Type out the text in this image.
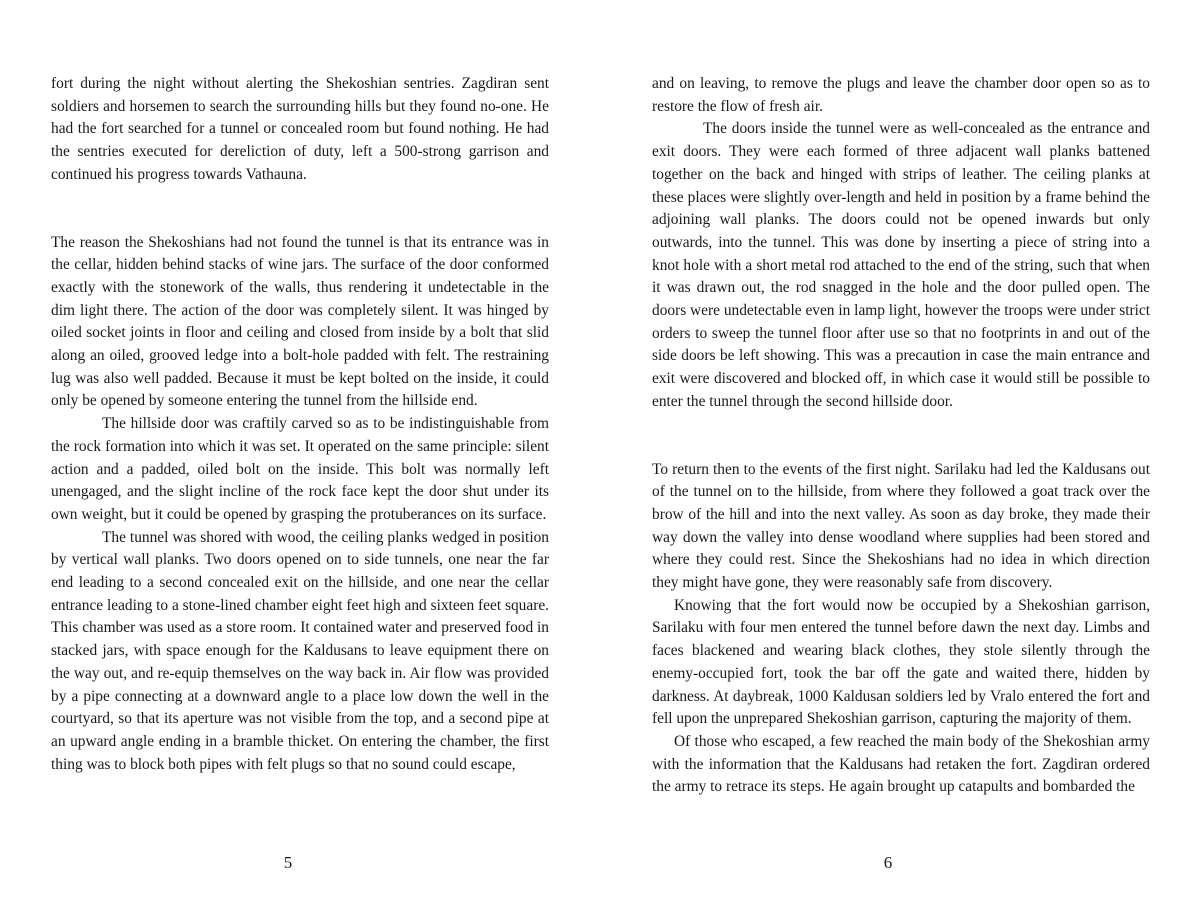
fort during the night without alerting the Shekoshian sentries. Zagdiran sent soldiers and horsemen to search the surrounding hills but they found no-one. He had the fort searched for a tunnel or concealed room but found nothing. He had the sentries executed for dereliction of duty, left a 500-strong garrison and continued his progress towards Vathauna.

The reason the Shekoshians had not found the tunnel is that its entrance was in the cellar, hidden behind stacks of wine jars. The surface of the door conformed exactly with the stonework of the walls, thus rendering it undetectable in the dim light there. The action of the door was completely silent. It was hinged by oiled socket joints in floor and ceiling and closed from inside by a bolt that slid along an oiled, grooved ledge into a bolt-hole padded with felt. The restraining lug was also well padded. Because it must be kept bolted on the inside, it could only be opened by someone entering the tunnel from the hillside end.

The hillside door was craftily carved so as to be indistinguishable from the rock formation into which it was set. It operated on the same principle: silent action and a padded, oiled bolt on the inside. This bolt was normally left unengaged, and the slight incline of the rock face kept the door shut under its own weight, but it could be opened by grasping the protuberances on its surface.

The tunnel was shored with wood, the ceiling planks wedged in position by vertical wall planks. Two doors opened on to side tunnels, one near the far end leading to a second concealed exit on the hillside, and one near the cellar entrance leading to a stone-lined chamber eight feet high and sixteen feet square. This chamber was used as a store room. It contained water and preserved food in stacked jars, with space enough for the Kaldusans to leave equipment there on the way out, and re-equip themselves on the way back in. Air flow was provided by a pipe connecting at a downward angle to a place low down the well in the courtyard, so that its aperture was not visible from the top, and a second pipe at an upward angle ending in a bramble thicket. On entering the chamber, the first thing was to block both pipes with felt plugs so that no sound could escape,

and on leaving, to remove the plugs and leave the chamber door open so as to restore the flow of fresh air.

The doors inside the tunnel were as well-concealed as the entrance and exit doors. They were each formed of three adjacent wall planks battened together on the back and hinged with strips of leather. The ceiling planks at these places were slightly over-length and held in position by a frame behind the adjoining wall planks. The doors could not be opened inwards but only outwards, into the tunnel. This was done by inserting a piece of string into a knot hole with a short metal rod attached to the end of the string, such that when it was drawn out, the rod snagged in the hole and the door pulled open. The doors were undetectable even in lamp light, however the troops were under strict orders to sweep the tunnel floor after use so that no footprints in and out of the side doors be left showing. This was a precaution in case the main entrance and exit were discovered and blocked off, in which case it would still be possible to enter the tunnel through the second hillside door.

To return then to the events of the first night. Sarilaku had led the Kaldusans out of the tunnel on to the hillside, from where they followed a goat track over the brow of the hill and into the next valley. As soon as day broke, they made their way down the valley into dense woodland where supplies had been stored and where they could rest. Since the Shekoshians had no idea in which direction they might have gone, they were reasonably safe from discovery.

Knowing that the fort would now be occupied by a Shekoshian garrison, Sarilaku with four men entered the tunnel before dawn the next day. Limbs and faces blackened and wearing black clothes, they stole silently through the enemy-occupied fort, took the bar off the gate and waited there, hidden by darkness. At daybreak, 1000 Kaldusan soldiers led by Vralo entered the fort and fell upon the unprepared Shekoshian garrison, capturing the majority of them.

Of those who escaped, a few reached the main body of the Shekoshian army with the information that the Kaldusans had retaken the fort. Zagdiran ordered the army to retrace its steps. He again brought up catapults and bombarded the

5	6
